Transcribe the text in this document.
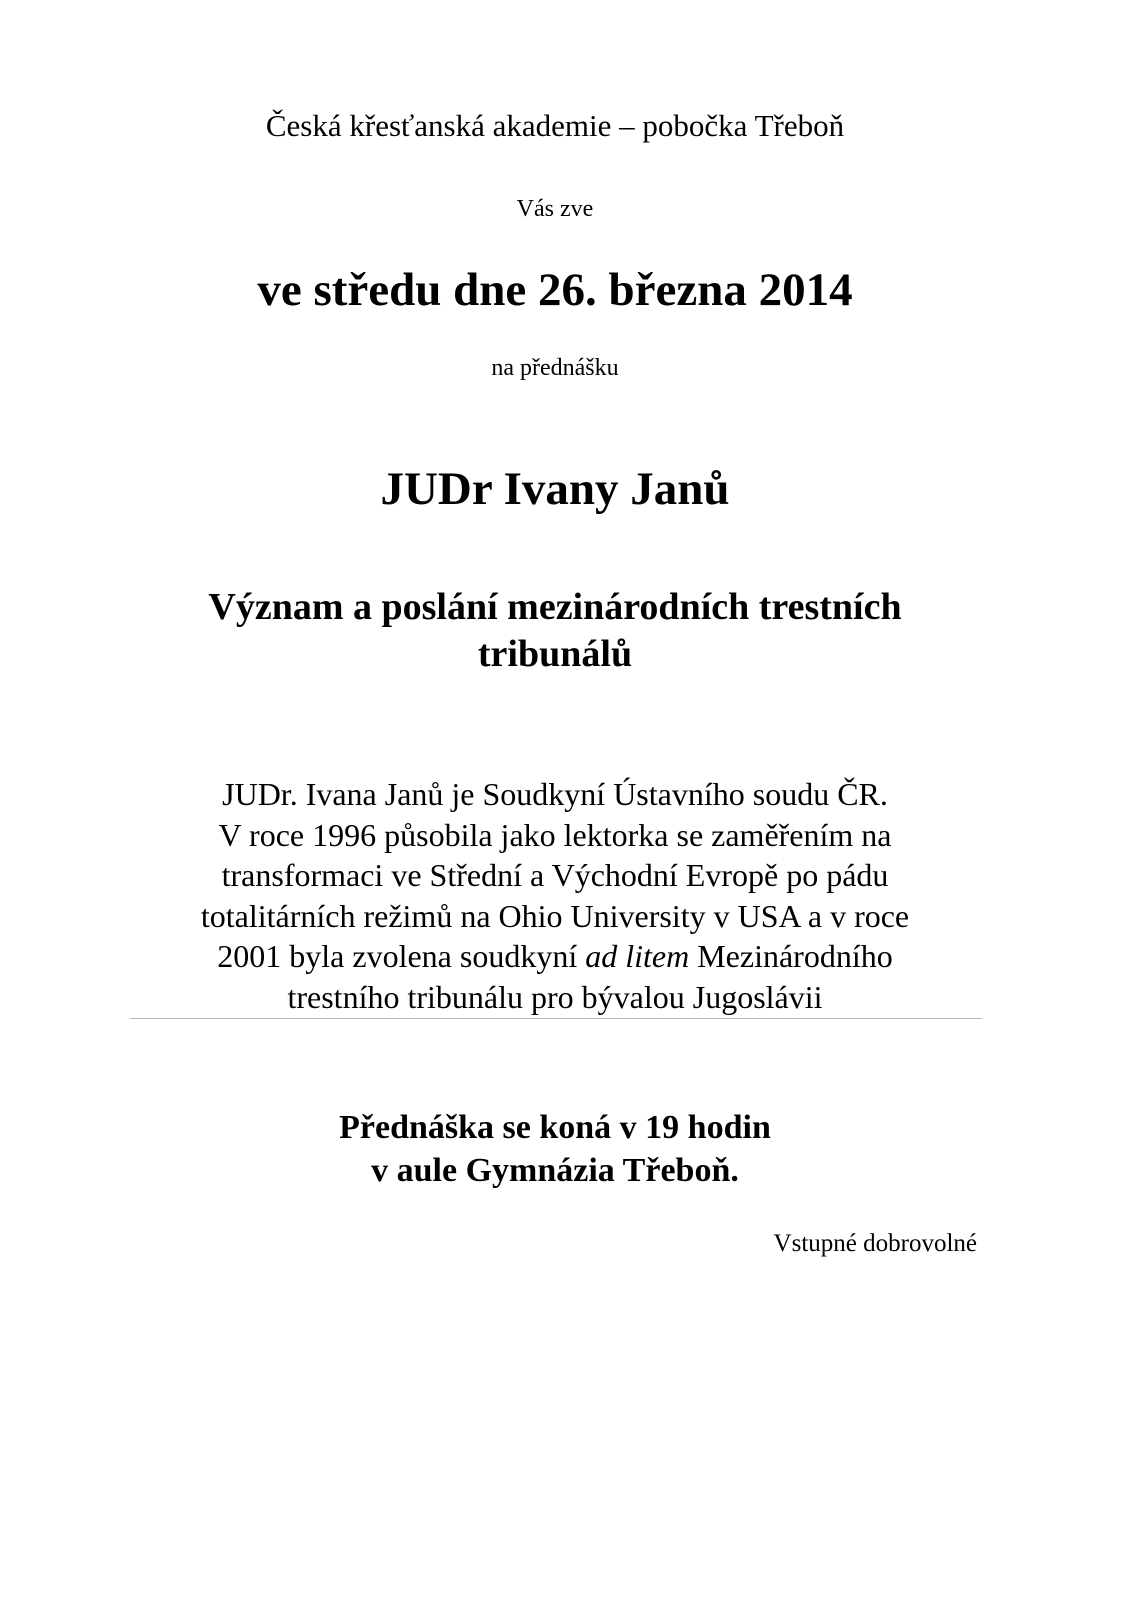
Česká křesťanská akademie – pobočka Třeboň
Vás zve
ve středu dne 26. března 2014
na přednášku
JUDr Ivany Janů
Význam a poslání mezinárodních trestních
tribunálů
JUDr. Ivana Janů je Soudkyní Ústavního soudu ČR.
V roce 1996 působila jako lektorka se zaměřením na
transformaci ve Střední a Východní Evropě po pádu
totalitárních režimů na Ohio University v USA a v roce
2001 byla zvolena soudkyní ad litem Mezinárodního
trestního tribunálu pro bývalou Jugoslávii
Přednáška se koná v 19 hodin
v aule Gymnázia Třeboň.
Vstupné dobrovolné
